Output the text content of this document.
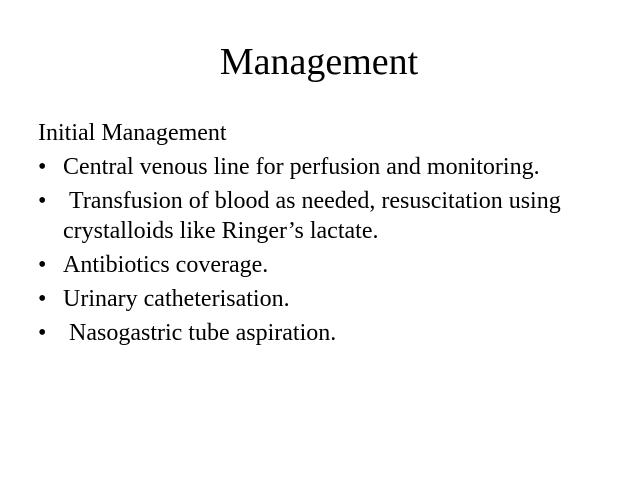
Management
Initial Management
• Central venous line for perfusion and monitoring.
• Transfusion of blood as needed, resuscitation using crystalloids like Ringer’s lactate.
• Antibiotics coverage.
• Urinary catheterisation.
• Nasogastric tube aspiration.
